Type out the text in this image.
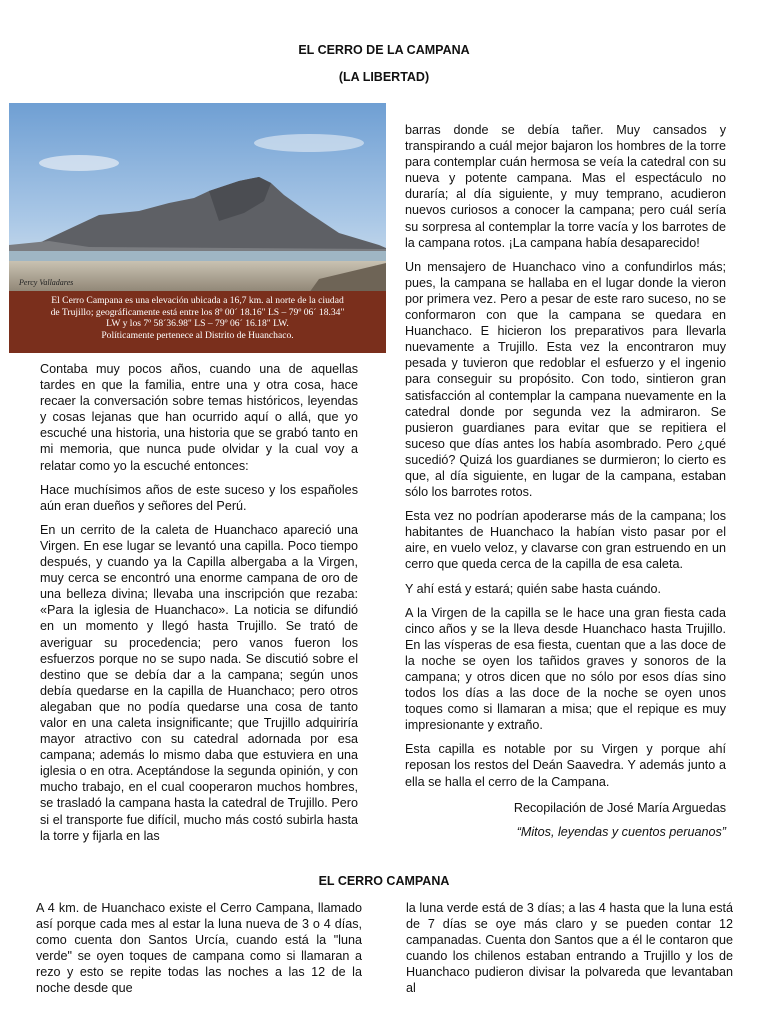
EL CERRO DE LA CAMPANA
(LA LIBERTAD)
Percy Valladares
El Cerro Campana es una elevación ubicada a 16,7 km. al norte de la ciudad
de Trujillo; geográficamente está entre los 8º 00´ 18.16" LS – 79º 06´ 18.34"
LW y los 7º 58´36.98" LS – 79º 06´ 16.18" LW.
Políticamente pertenece al Distrito de Huanchaco.

Contaba muy pocos años, cuando una de aquellas tardes en que la familia, entre una y otra cosa, hace recaer la conversación sobre temas históricos, leyendas y cosas lejanas que han ocurrido aquí o allá, que yo escuché una historia, una historia que se grabó tanto en mi memoria, que nunca pude olvidar y la cual voy a relatar como yo la escuché entonces:

Hace muchísimos años de este suceso y los españoles aún eran dueños y señores del Perú.

En un cerrito de la caleta de Huanchaco apareció una Virgen. En ese lugar se levantó una capilla. Poco tiempo después, y cuando ya la Capilla albergaba a la Virgen, muy cerca se encontró una enorme campana de oro de una belleza divina; llevaba una inscripción que rezaba: «Para la iglesia de Huanchaco». La noticia se difundió en un momento y llegó hasta Trujillo. Se trató de averiguar su procedencia; pero vanos fueron los esfuerzos porque no se supo nada. Se discutió sobre el destino que se debía dar a la campana; según unos debía quedarse en la capilla de Huanchaco; pero otros alegaban que no podía quedarse una cosa de tanto valor en una caleta insignificante; que Trujillo adquiriría mayor atractivo con su catedral adornada por esa campana; además lo mismo daba que estuviera en una iglesia o en otra. Aceptándose la segunda opinión, y con mucho trabajo, en el cual cooperaron muchos hombres, se trasladó la campana hasta la catedral de Trujillo. Pero si el transporte fue difícil, mucho más costó subirla hasta la torre y fijarla en las

barras donde se debía tañer. Muy cansados y transpirando a cuál mejor bajaron los hombres de la torre para contemplar cuán hermosa se veía la catedral con su nueva y potente campana. Mas el espectáculo no duraría; al día siguiente, y muy temprano, acudieron nuevos curiosos a conocer la campana; pero cuál sería su sorpresa al contemplar la torre vacía y los barrotes de la campana rotos. ¡La campana había desaparecido!

Un mensajero de Huanchaco vino a confundirlos más; pues, la campana se hallaba en el lugar donde la vieron por primera vez. Pero a pesar de este raro suceso, no se conformaron con que la campana se quedara en Huanchaco. E hicieron los preparativos para llevarla nuevamente a Trujillo. Esta vez la encontraron muy pesada y tuvieron que redoblar el esfuerzo y el ingenio para conseguir su propósito. Con todo, sintieron gran satisfacción al contemplar la campana nuevamente en la catedral donde por segunda vez la admiraron. Se pusieron guardianes para evitar que se repitiera el suceso que días antes los había asombrado. Pero ¿qué sucedió? Quizá los guardianes se durmieron; lo cierto es que, al día siguiente, en lugar de la campana, estaban sólo los barrotes rotos.

Esta vez no podrían apoderarse más de la campana; los habitantes de Huanchaco la habían visto pasar por el aire, en vuelo veloz, y clavarse con gran estruendo en un cerro que queda cerca de la capilla de esa caleta.

Y ahí está y estará; quién sabe hasta cuándo.

A la Virgen de la capilla se le hace una gran fiesta cada cinco años y se la lleva desde Huanchaco hasta Trujillo. En las vísperas de esa fiesta, cuentan que a las doce de la noche se oyen los tañidos graves y sonoros de la campana; y otros dicen que no sólo por esos días sino todos los días a las doce de la noche se oyen unos toques como si llamaran a misa; que el repique es muy impresionante y extraño.

Esta capilla es notable por su Virgen y porque ahí reposan los restos del Deán Saavedra. Y además junto a ella se halla el cerro de la Campana.

Recopilación de José María Arguedas

“Mitos, leyendas y cuentos peruanos”

EL CERRO CAMPANA

A 4 km. de Huanchaco existe el Cerro Campana, llamado así porque cada mes al estar la luna nueva de 3 o 4 días, como cuenta don Santos Urcía, cuando está la "luna verde" se oyen toques de campana como si llamaran a rezo y esto se repite todas las noches a las 12 de la noche desde que

la luna verde está de 3 días; a las 4 hasta que la luna está de 7 días se oye más claro y se pueden contar 12 campanadas. Cuenta don Santos que a él le contaron que cuando los chilenos estaban entrando a Trujillo y los de Huanchaco pudieron divisar la polvareda que levantaban al
